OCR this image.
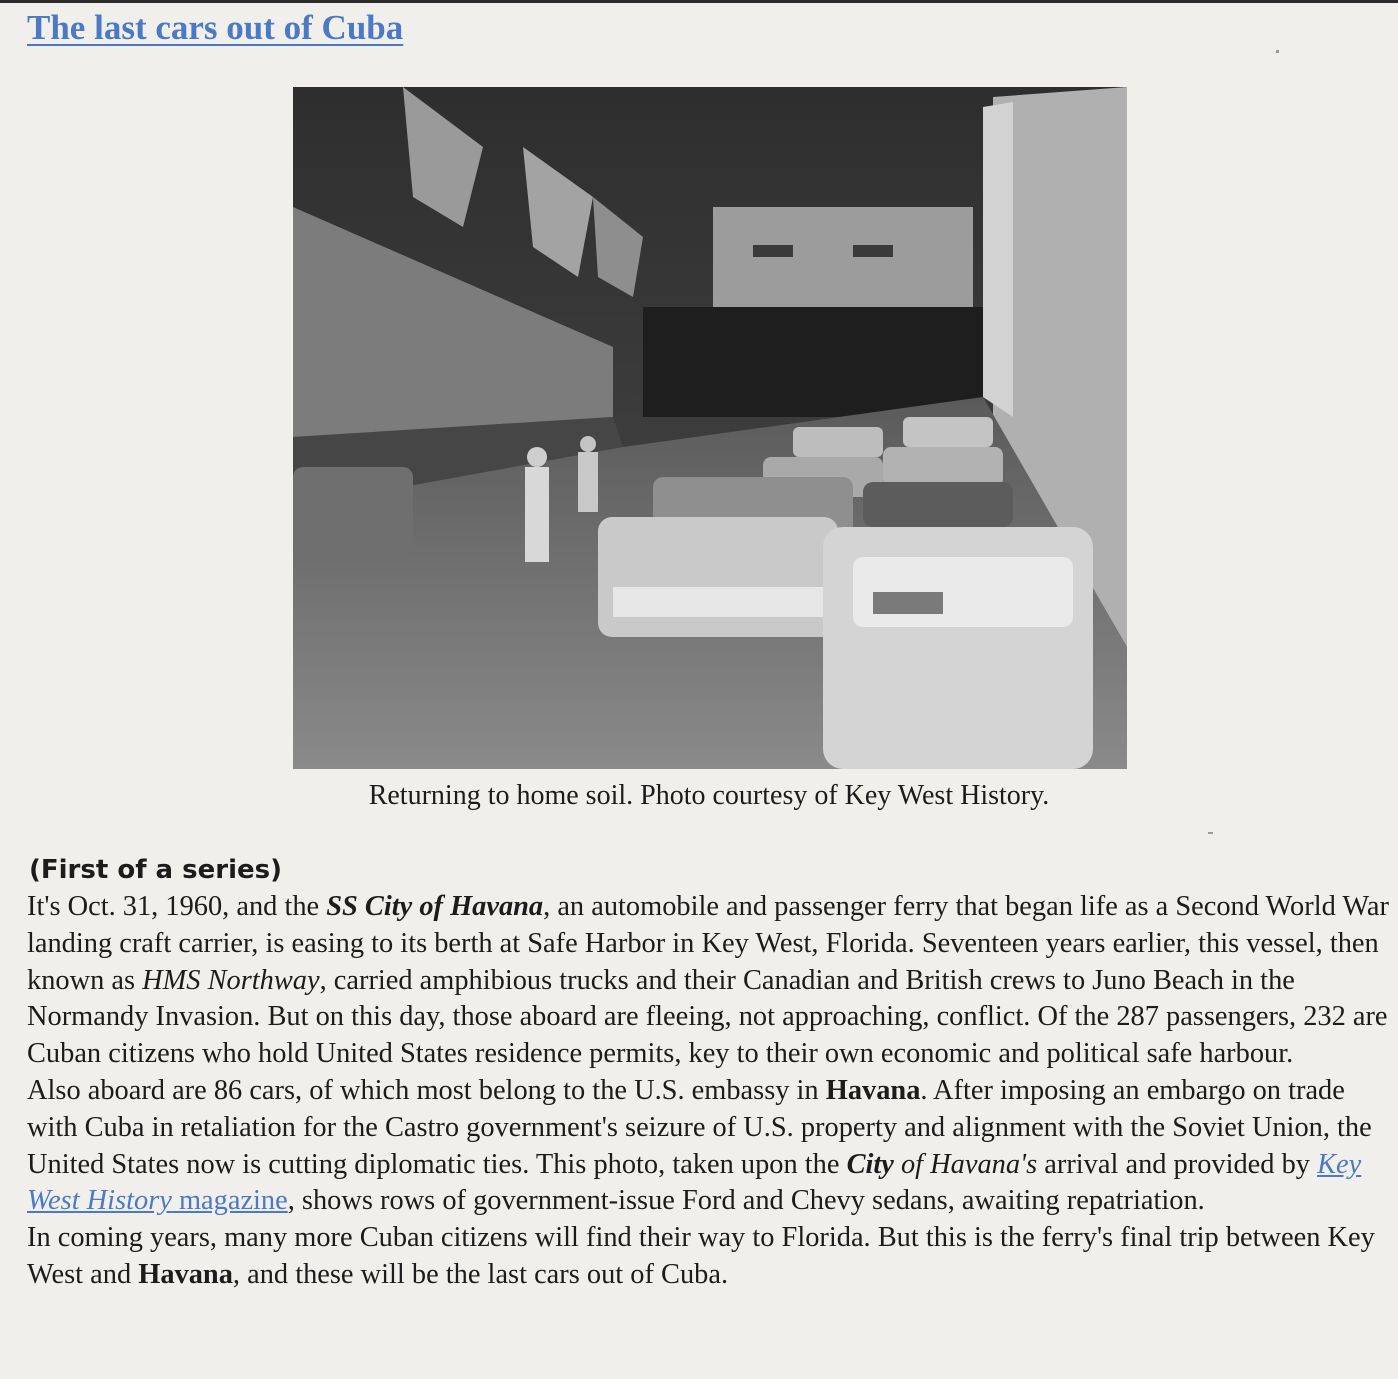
The last cars out of Cuba

Returning to home soil. Photo courtesy of Key West History.

(First of a series)

It's Oct. 31, 1960, and the SS City of Havana, an automobile and passenger ferry that began life as a Second World War landing craft carrier, is easing to its berth at Safe Harbor in Key West, Florida. Seventeen years earlier, this vessel, then known as HMS Northway, carried amphibious trucks and their Canadian and British crews to Juno Beach in the Normandy Invasion. But on this day, those aboard are fleeing, not approaching, conflict. Of the 287 passengers, 232 are Cuban citizens who hold United States residence permits, key to their own economic and political safe harbour.

Also aboard are 86 cars, of which most belong to the U.S. embassy in Havana. After imposing an embargo on trade with Cuba in retaliation for the Castro government's seizure of U.S. property and alignment with the Soviet Union, the United States now is cutting diplomatic ties. This photo, taken upon the City of Havana's arrival and provided by Key West History magazine, shows rows of government-issue Ford and Chevy sedans, awaiting repatriation.

In coming years, many more Cuban citizens will find their way to Florida. But this is the ferry's final trip between Key West and Havana, and these will be the last cars out of Cuba.
